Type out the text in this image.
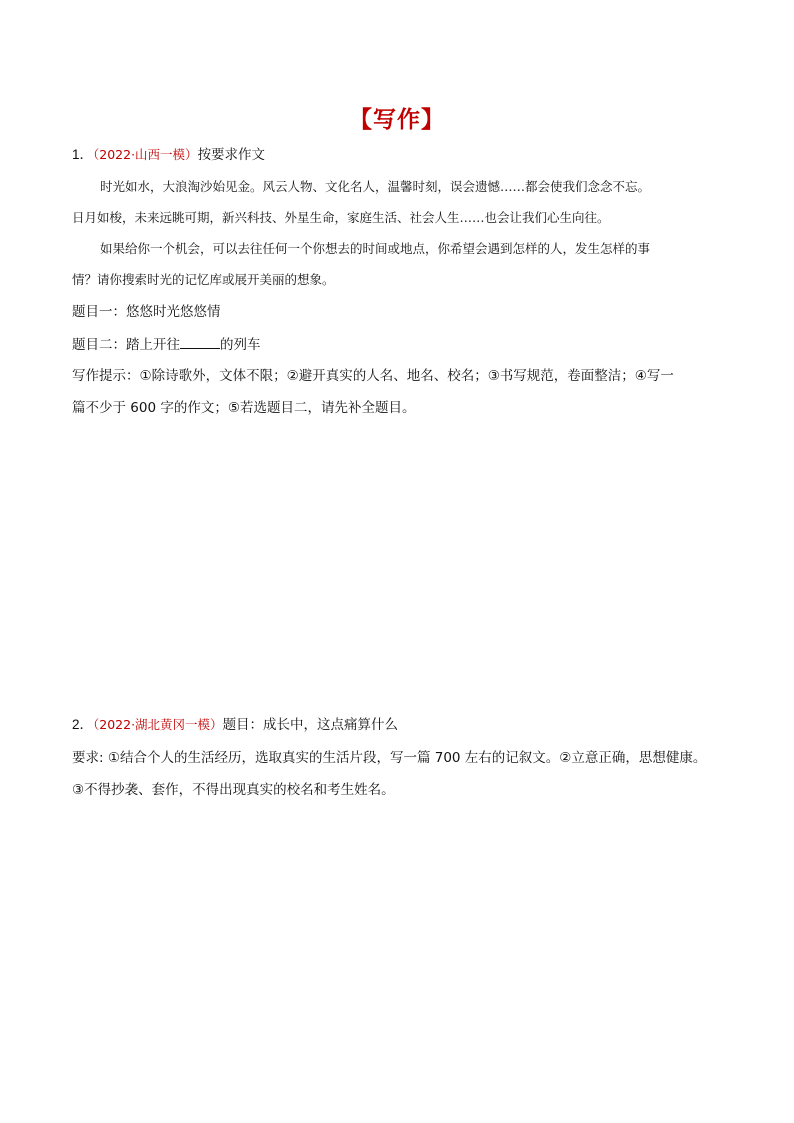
【写作】
1．（2022·山西一模）按要求作文
时光如水，大浪淘沙始见金。风云人物、文化名人，温馨时刻，误会遗憾……都会使我们念念不忘。
日月如梭，未来远眺可期，新兴科技、外星生命，家庭生活、社会人生……也会让我们心生向往。
如果给你一个机会，可以去往任何一个你想去的时间或地点，你希望会遇到怎样的人，发生怎样的事
情？请你搜索时光的记忆库或展开美丽的想象。
题目一：悠悠时光悠悠情
题目二：踏上开往	的列车
写作提示：①除诗歌外，文体不限；②避开真实的人名、地名、校名；③书写规范，卷面整洁；④写一
篇不少于 600 字的作文；⑤若选题目二，请先补全题目。
2．（2022·湖北黄冈一模）题目：成长中，这点痛算什么
要求: ①结合个人的生活经历，选取真实的生活片段，写一篇 700 左右的记叙文。②立意正确，思想健康。
③不得抄袭、套作，不得出现真实的校名和考生姓名。
